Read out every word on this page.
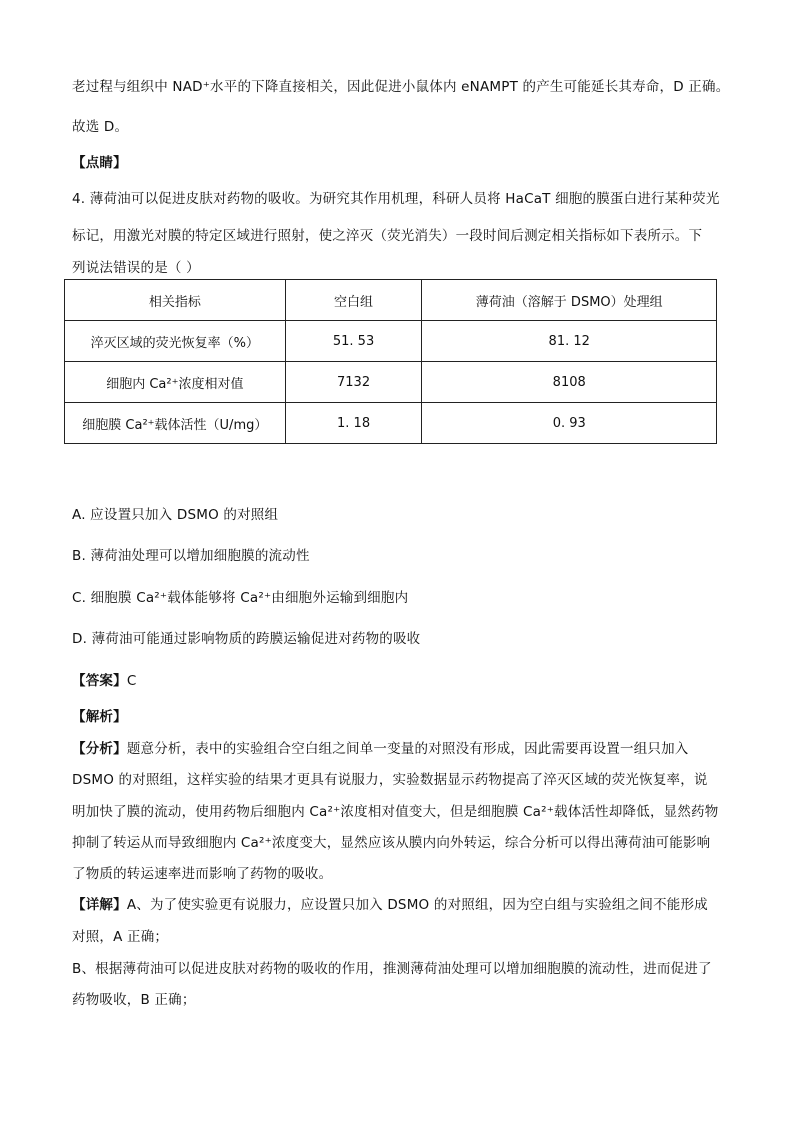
老过程与组织中 NAD⁺水平的下降直接相关，因此促进小鼠体内 eNAMPT 的产生可能延长其寿命，D 正确。
故选 D。
【点睛】
4. 薄荷油可以促进皮肤对药物的吸收。为研究其作用机理，科研人员将 HaCaT 细胞的膜蛋白进行某种荧光
标记，用激光对膜的特定区域进行照射，使之淬灭（荧光消失）一段时间后测定相关指标如下表所示。下
列说法错误的是（ ）
相关指标	空白组	薄荷油（溶解于 DSMO）处理组
淬灭区域的荧光恢复率（%）	51. 53	81. 12
细胞内 Ca²⁺浓度相对值	7132	8108
细胞膜 Ca²⁺载体活性（U/mg）	1. 18	0. 93
A. 应设置只加入 DSMO 的对照组
B. 薄荷油处理可以增加细胞膜的流动性
C. 细胞膜 Ca²⁺载体能够将 Ca²⁺由细胞外运输到细胞内
D. 薄荷油可能通过影响物质的跨膜运输促进对药物的吸收
【答案】C
【解析】
【分析】题意分析，表中的实验组合空白组之间单一变量的对照没有形成，因此需要再设置一组只加入
DSMO 的对照组，这样实验的结果才更具有说服力，实验数据显示药物提高了淬灭区域的荧光恢复率，说
明加快了膜的流动，使用药物后细胞内 Ca²⁺浓度相对值变大，但是细胞膜 Ca²⁺载体活性却降低，显然药物
抑制了转运从而导致细胞内 Ca²⁺浓度变大，显然应该从膜内向外转运，综合分析可以得出薄荷油可能影响
了物质的转运速率进而影响了药物的吸收。
【详解】A、为了使实验更有说服力，应设置只加入 DSMO 的对照组，因为空白组与实验组之间不能形成
对照，A 正确；
B、根据薄荷油可以促进皮肤对药物的吸收的作用，推测薄荷油处理可以增加细胞膜的流动性，进而促进了
药物吸收，B 正确；
